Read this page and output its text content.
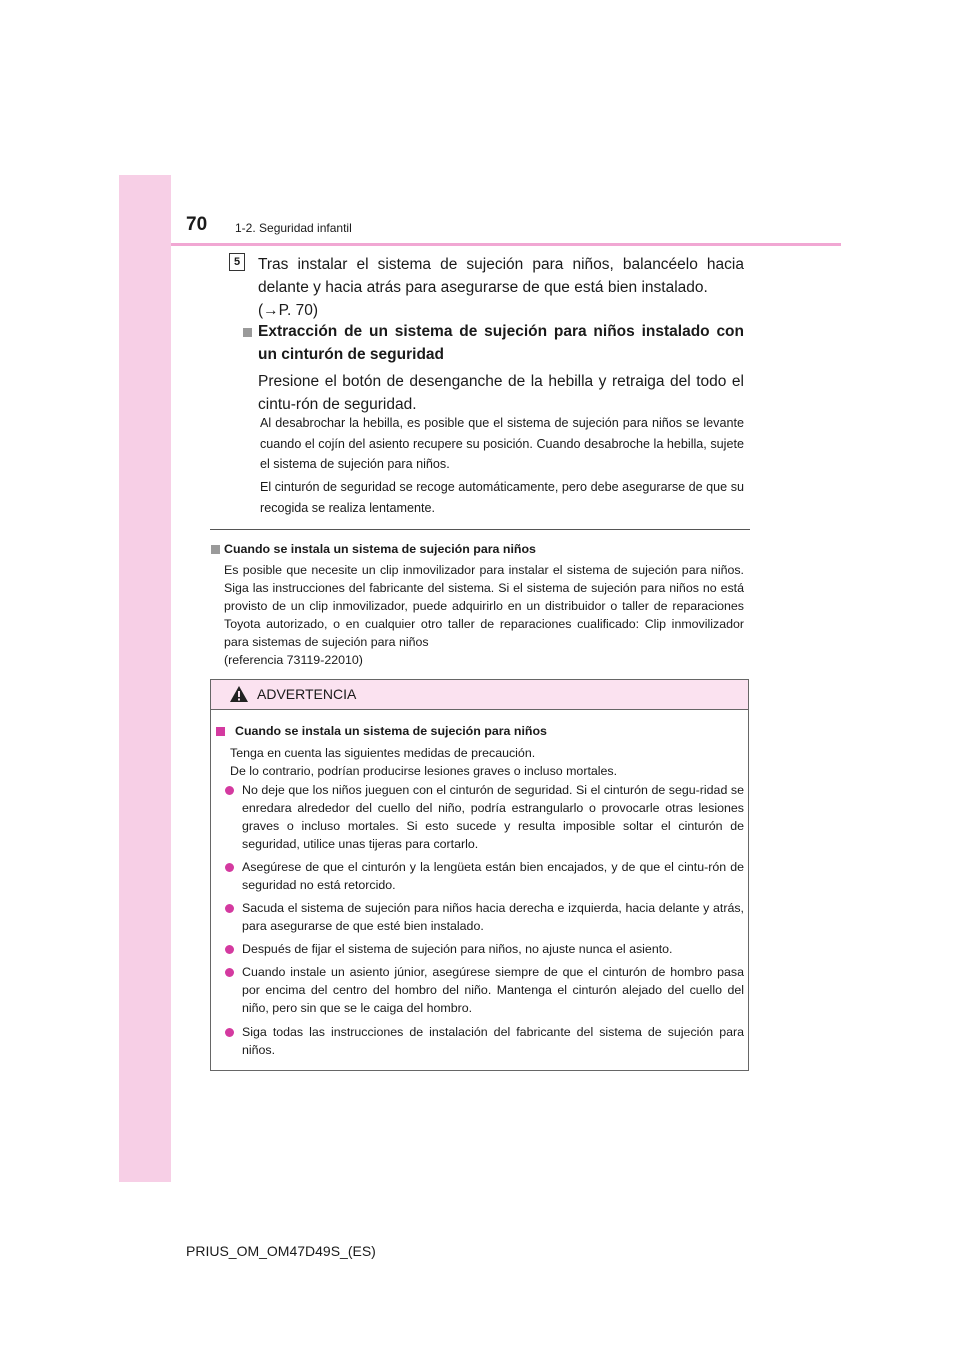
70 1-2. Seguridad infantil
5	Tras instalar el sistema de sujeción para niños, balancéelo hacia delante y hacia atrás para asegurarse de que está bien instalado.
(→P. 70)
Extracción de un sistema de sujeción para niños instalado con un cinturón de seguridad
Presione el botón de desenganche de la hebilla y retraiga del todo el cintu-rón de seguridad.
Al desabrochar la hebilla, es posible que el sistema de sujeción para niños se levante cuando el cojín del asiento recupere su posición. Cuando desabroche la hebilla, sujete el sistema de sujeción para niños.
El cinturón de seguridad se recoge automáticamente, pero debe asegurarse de que su recogida se realiza lentamente.
Cuando se instala un sistema de sujeción para niños
Es posible que necesite un clip inmovilizador para instalar el sistema de sujeción para niños. Siga las instrucciones del fabricante del sistema. Si el sistema de sujeción para niños no está provisto de un clip inmovilizador, puede adquirirlo en un distribuidor o taller de reparaciones Toyota autorizado, o en cualquier otro taller de reparaciones cualificado: Clip inmovilizador para sistemas de sujeción para niños
(referencia 73119-22010)
ADVERTENCIA
Cuando se instala un sistema de sujeción para niños
Tenga en cuenta las siguientes medidas de precaución.
De lo contrario, podrían producirse lesiones graves o incluso mortales.
No deje que los niños jueguen con el cinturón de seguridad. Si el cinturón de segu-ridad se enredara alrededor del cuello del niño, podría estrangularlo o provocarle otras lesiones graves o incluso mortales. Si esto sucede y resulta imposible soltar el cinturón de seguridad, utilice unas tijeras para cortarlo.
Asegúrese de que el cinturón y la lengüeta están bien encajados, y de que el cintu-rón de seguridad no está retorcido.
Sacuda el sistema de sujeción para niños hacia derecha e izquierda, hacia delante y atrás, para asegurarse de que esté bien instalado.
Después de fijar el sistema de sujeción para niños, no ajuste nunca el asiento.
Cuando instale un asiento júnior, asegúrese siempre de que el cinturón de hombro pasa por encima del centro del hombro del niño. Mantenga el cinturón alejado del cuello del niño, pero sin que se le caiga del hombro.
Siga todas las instrucciones de instalación del fabricante del sistema de sujeción para niños.
PRIUS_OM_OM47D49S_(ES)
